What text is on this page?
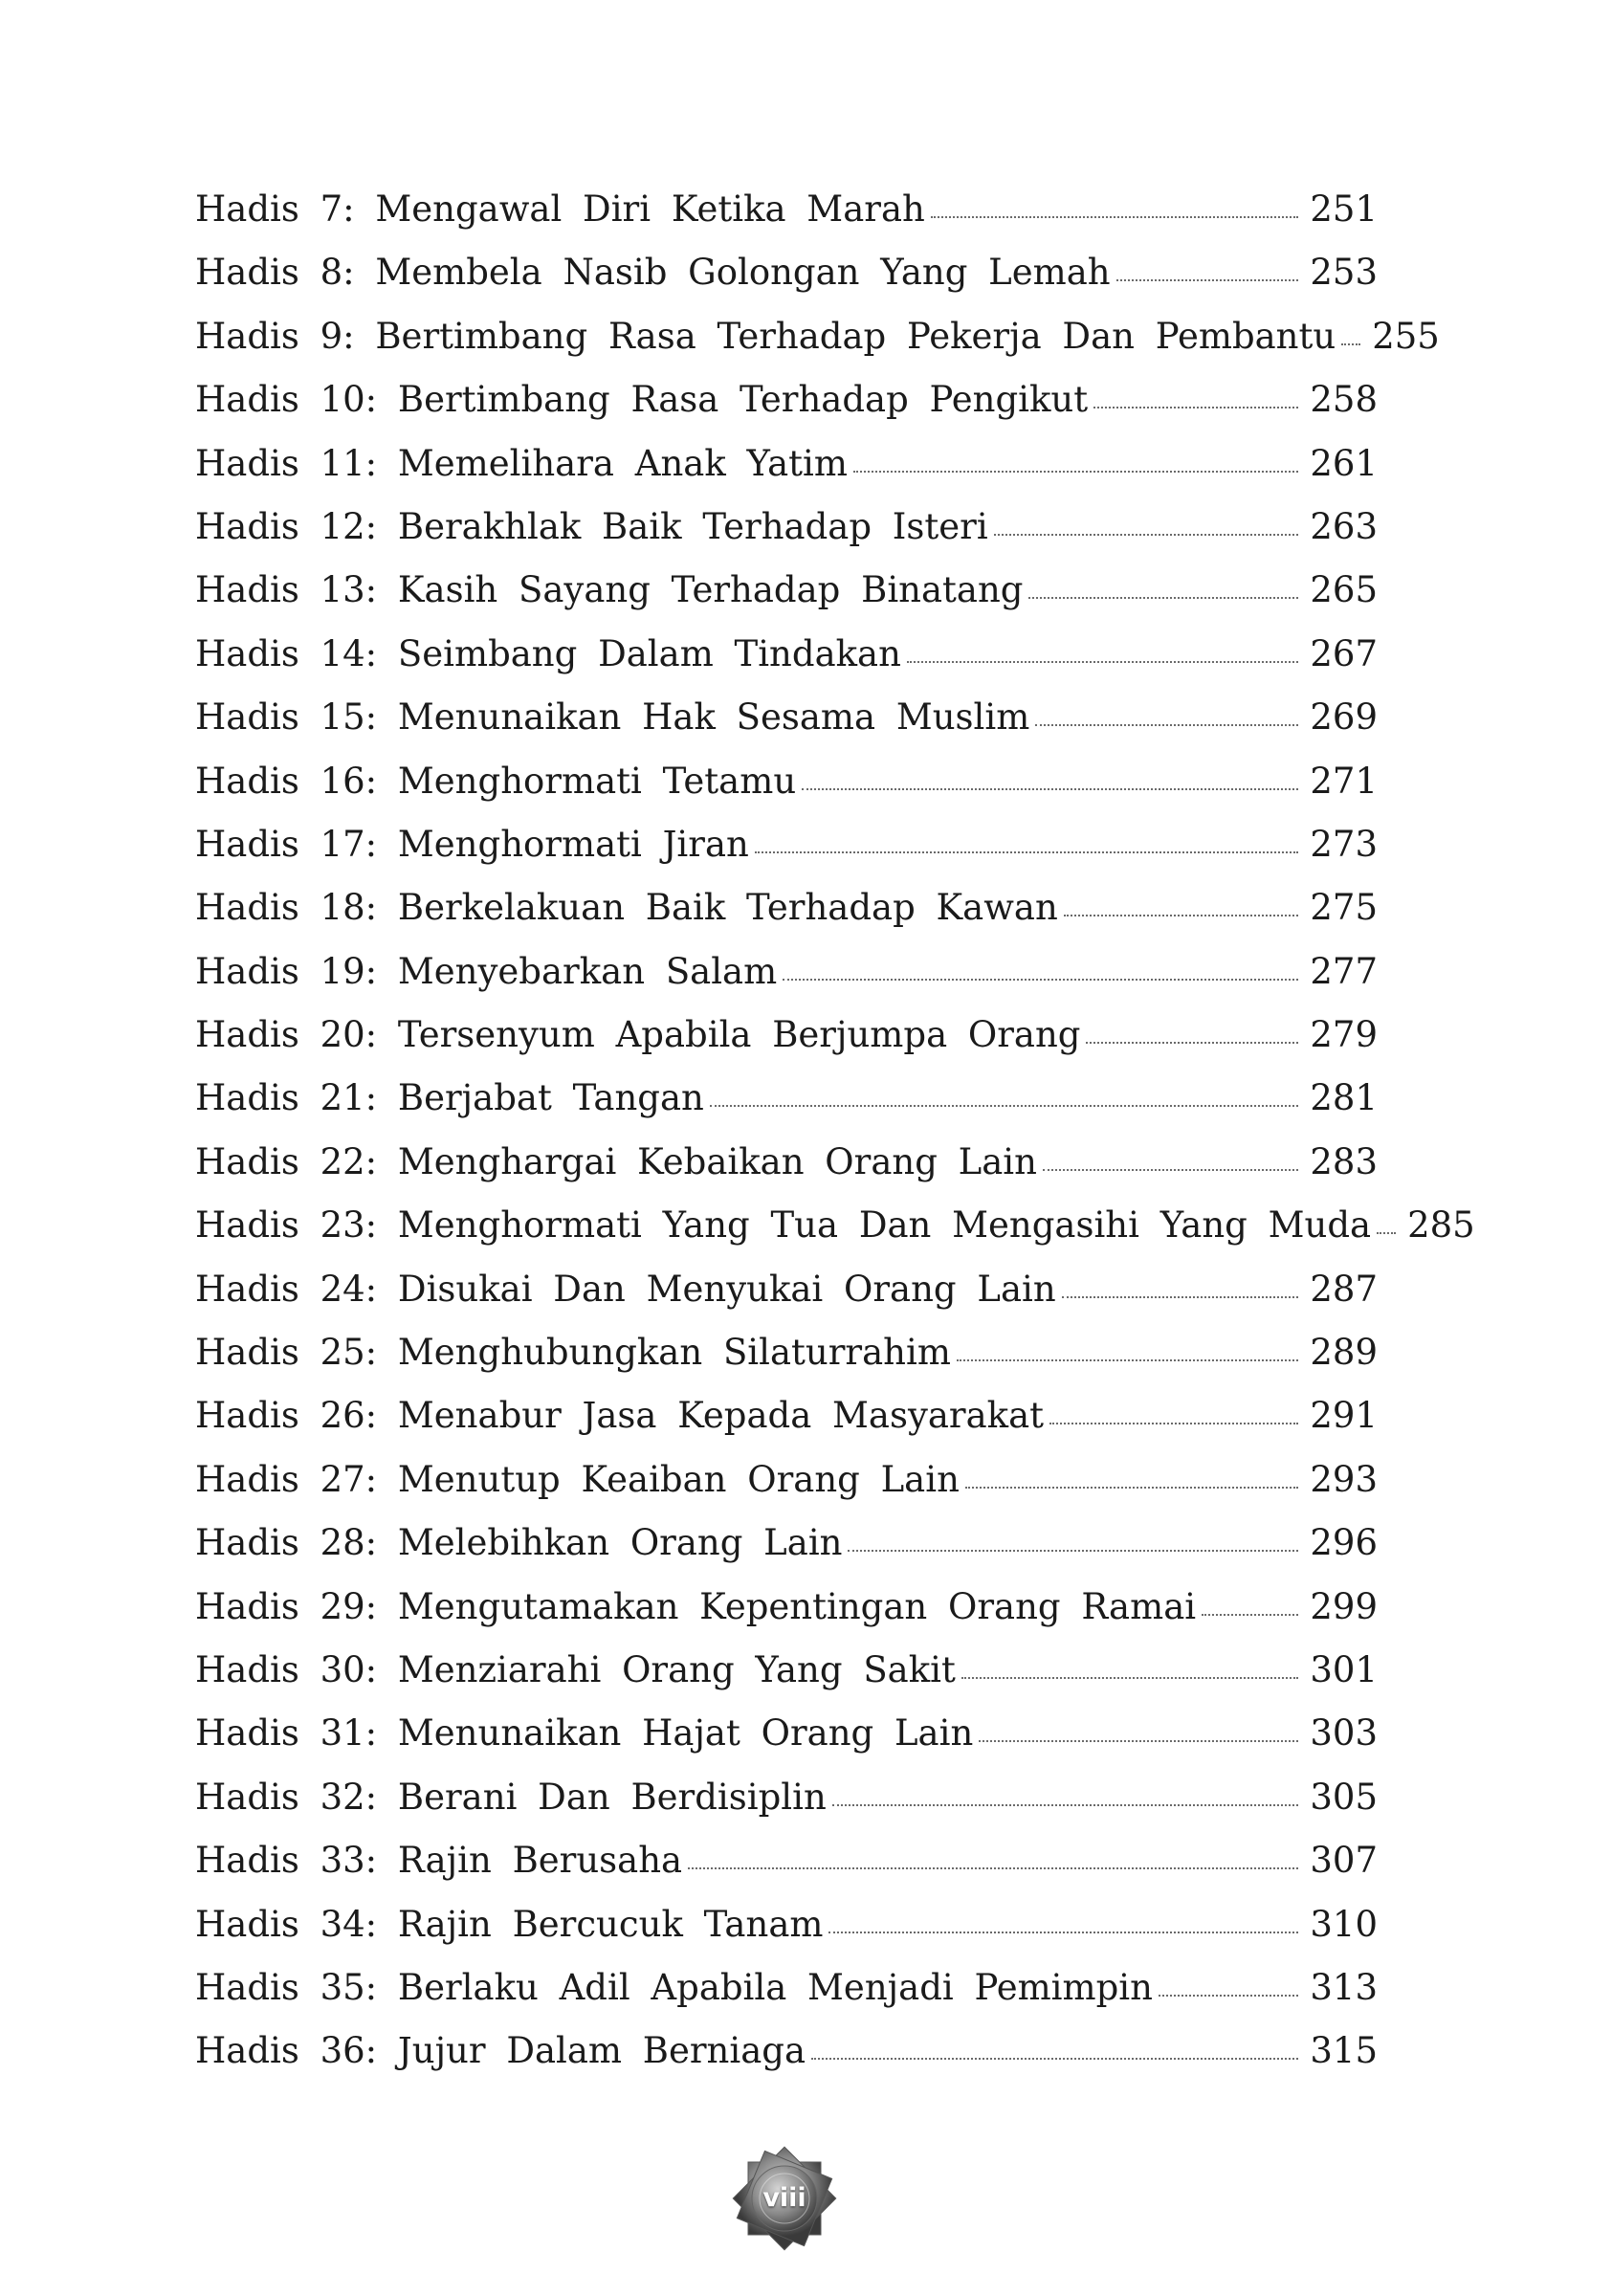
Hadis 7: Mengawal Diri Ketika Marah	251
Hadis 8: Membela Nasib Golongan Yang Lemah	253
Hadis 9: Bertimbang Rasa Terhadap Pekerja Dan Pembantu 255
Hadis 10: Bertimbang Rasa Terhadap Pengikut	258
Hadis 11: Memelihara Anak Yatim	261
Hadis 12: Berakhlak Baik Terhadap Isteri	263
Hadis 13: Kasih Sayang Terhadap Binatang	265
Hadis 14: Seimbang Dalam Tindakan	267
Hadis 15: Menunaikan Hak Sesama Muslim	269
Hadis 16: Menghormati Tetamu	271
Hadis 17: Menghormati Jiran	273
Hadis 18: Berkelakuan Baik Terhadap Kawan	275
Hadis 19: Menyebarkan Salam	277
Hadis 20: Tersenyum Apabila Berjumpa Orang	279
Hadis 21: Berjabat Tangan	281
Hadis 22: Menghargai Kebaikan Orang Lain	283
Hadis 23: Menghormati Yang Tua Dan Mengasihi Yang Muda 285
Hadis 24: Disukai Dan Menyukai Orang Lain	287
Hadis 25: Menghubungkan Silaturrahim	289
Hadis 26: Menabur Jasa Kepada Masyarakat	291
Hadis 27: Menutup Keaiban Orang Lain	293
Hadis 28: Melebihkan Orang Lain	296
Hadis 29: Mengutamakan Kepentingan Orang Ramai	299
Hadis 30: Menziarahi Orang Yang Sakit	301
Hadis 31: Menunaikan Hajat Orang Lain	303
Hadis 32: Berani Dan Berdisiplin	305
Hadis 33: Rajin Berusaha	307
Hadis 34: Rajin Bercucuk Tanam	310
Hadis 35: Berlaku Adil Apabila Menjadi Pemimpin	313
Hadis 36: Jujur Dalam Berniaga	315
viii
